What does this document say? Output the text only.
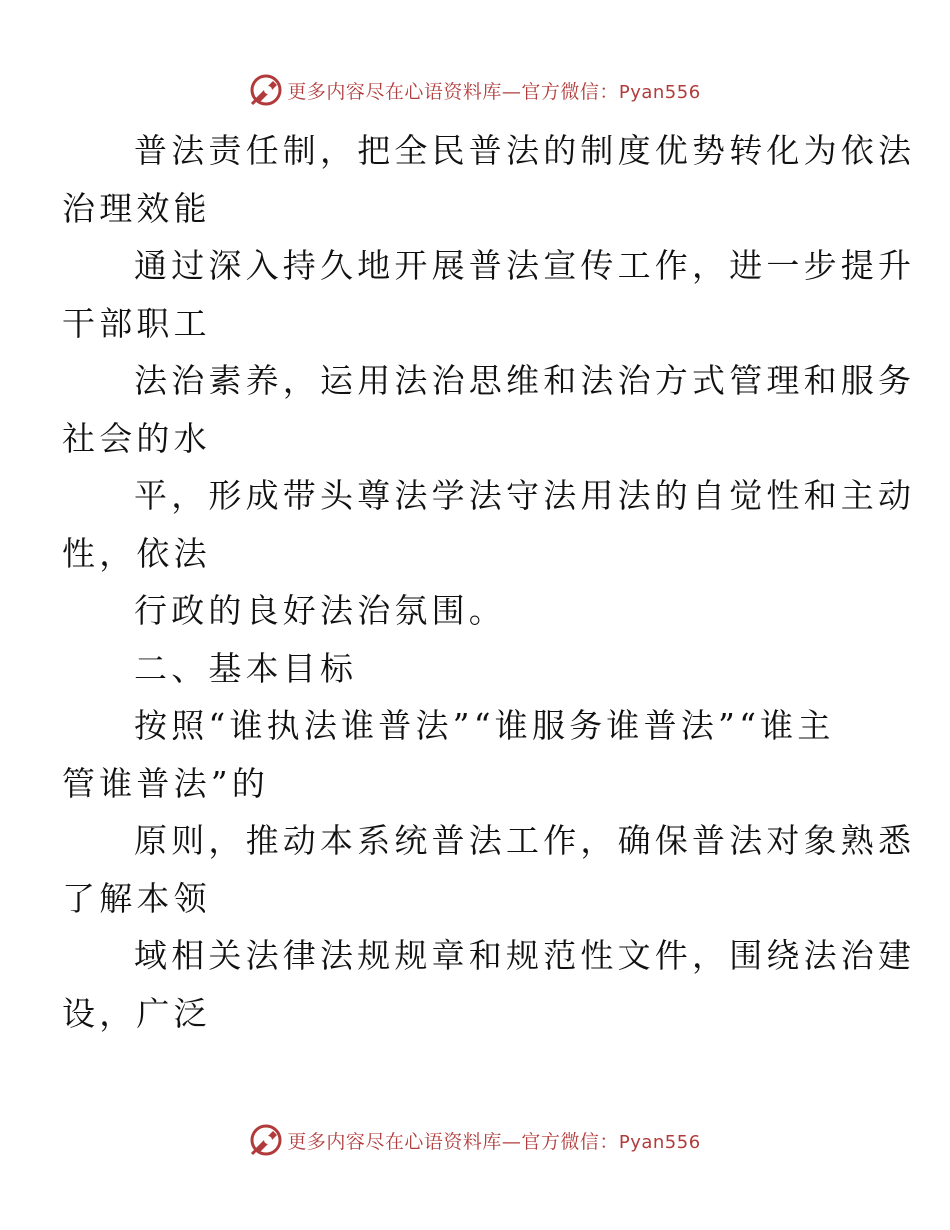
更多内容尽在心语资料库—官方微信：Pyan556

普法责任制，把全民普法的制度优势转化为依法
治理效能

通过深入持久地开展普法宣传工作，进一步提升
干部职工

法治素养，运用法治思维和法治方式管理和服务
社会的水

平，形成带头尊法学法守法用法的自觉性和主动
性，依法

行政的良好法治氛围。

二、基本目标

按照“谁执法谁普法”“谁服务谁普法”“谁主
管谁普法”的

原则，推动本系统普法工作，确保普法对象熟悉
了解本领

域相关法律法规规章和规范性文件，围绕法治建
设，广泛

更多内容尽在心语资料库—官方微信：Pyan556
